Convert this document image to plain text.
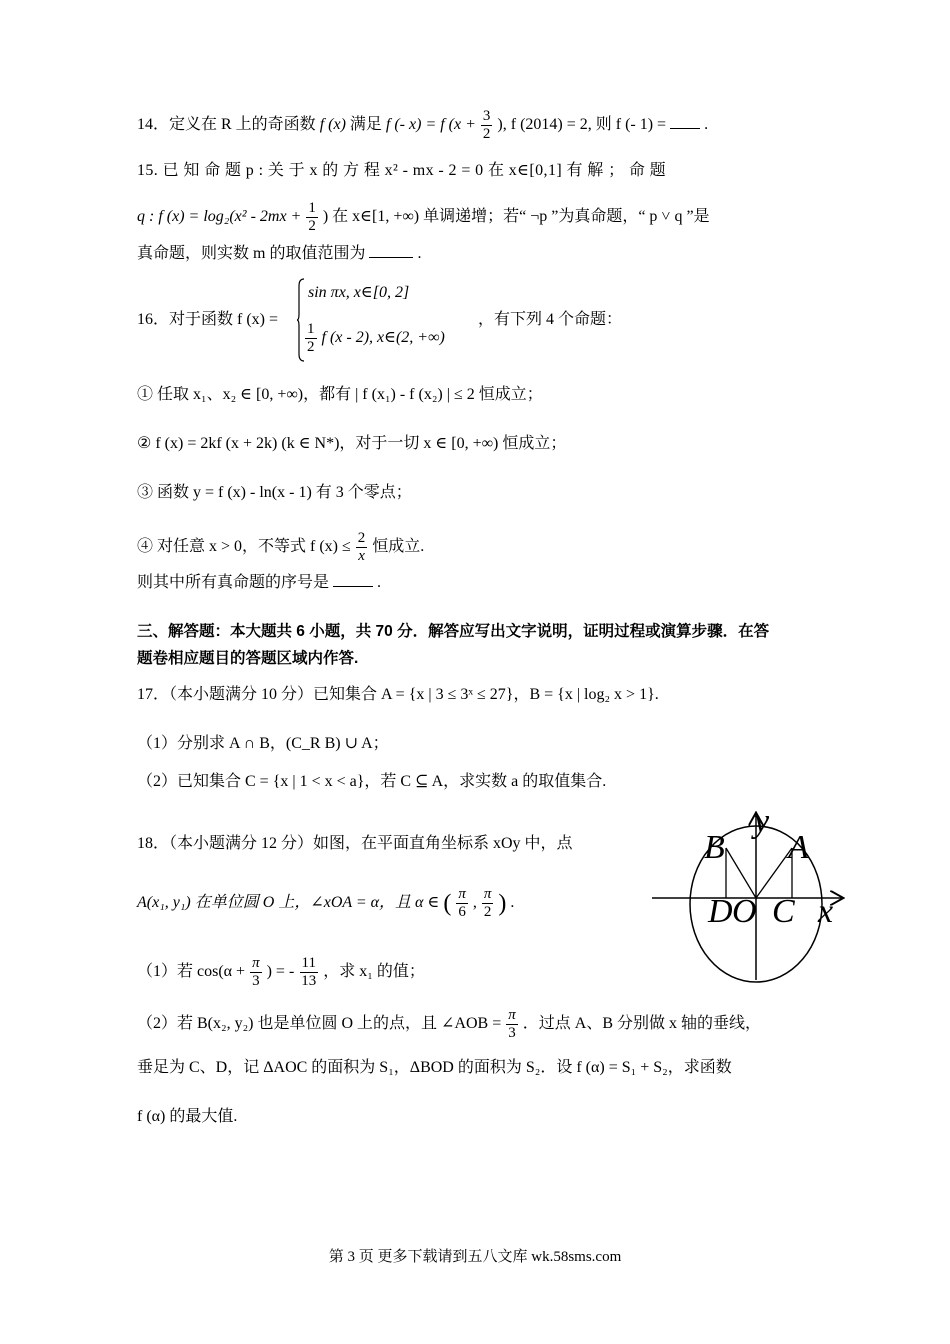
14．定义在 R 上的奇函数 f (x) 满足 f (- x) = f ($x + \frac{3}{2}$ ), f (2014) = 2, 则 f (- 1) = .
15. 已 知 命 题 p : 关 于 x 的 方 程 x² - mx - 2 = 0 在 x∈[0,1] 有 解 ； 命 题
q : f $(x) = \log_2(x^2 - 2mx + \frac{1}{2}$ ) 在 x∈[1, +∞) 单调递增；若“ ¬p ”为真命题，“ p ˅ q ”是
真命题，则实数 m 的取值范围为	.
16．对于函数 f (x) =
sin πx, x∈[0, 2]
$\frac{1}{2}$ f (x - 2), x∈(2, +∞)
，有下列 4 个命题：
① 任取 x₁、x₂ ∈ [0, +∞)，都有 | f (x₁) - f (x₂) | ≤ 2 恒成立；
② f (x) = 2kf (x + 2k) (k ∈ N*)，对于一切 x ∈ [0, +∞) 恒成立；
③ 函数 y = f (x) - ln(x - 1) 有 3 个零点；
④ 对任意 x > 0，不等式 f $(x) \le \frac{2}{x}$ 恒成立.
则其中所有真命题的序号是	.
三、解答题：本大题共 6 小题，共 70 分．解答应写出文字说明，证明过程或演算步骤．在答
题卷相应题目的答题区域内作答.
17．（本小题满分 10 分）已知集合 A = {x | 3 ≤ 3ˣ ≤ 27}，B = {x | log₂ x > 1}.
（1）分别求 A ∩ B，(C_R B) ∪ A；
（2）已知集合 C = {x | 1 < x < a}，若 C ⊆ A，求实数 a 的取值集合.
18．（本小题满分 12 分）如图，在平面直角坐标系 xOy 中，点
A(x₁, y₁) 在单位圆 O 上，∠xOA = α，且 α ∈ ( $\frac{\pi}{6}$ , $\frac{\pi}{2}$ ) .
（1）若 $\cos(\alpha + \frac{\pi}{3}$ ) = - $\frac{11}{13}$ ，求 x₁ 的值；
（2）若 B(x₂, y₂) 也是单位圆 O 上的点，且 ∠AOB = $\frac{\pi}{3}$ ．过点 A、B 分别做 x 轴的垂线，
垂足为 C、D，记 ΔAOC 的面积为 S₁，ΔBOD 的面积为 S₂．设 f (α) = S₁ + S₂，求函数
f (α) 的最大值.
y
B A
D O C x
第 3 页 更多下载请到五八文库 wk.58sms.com
